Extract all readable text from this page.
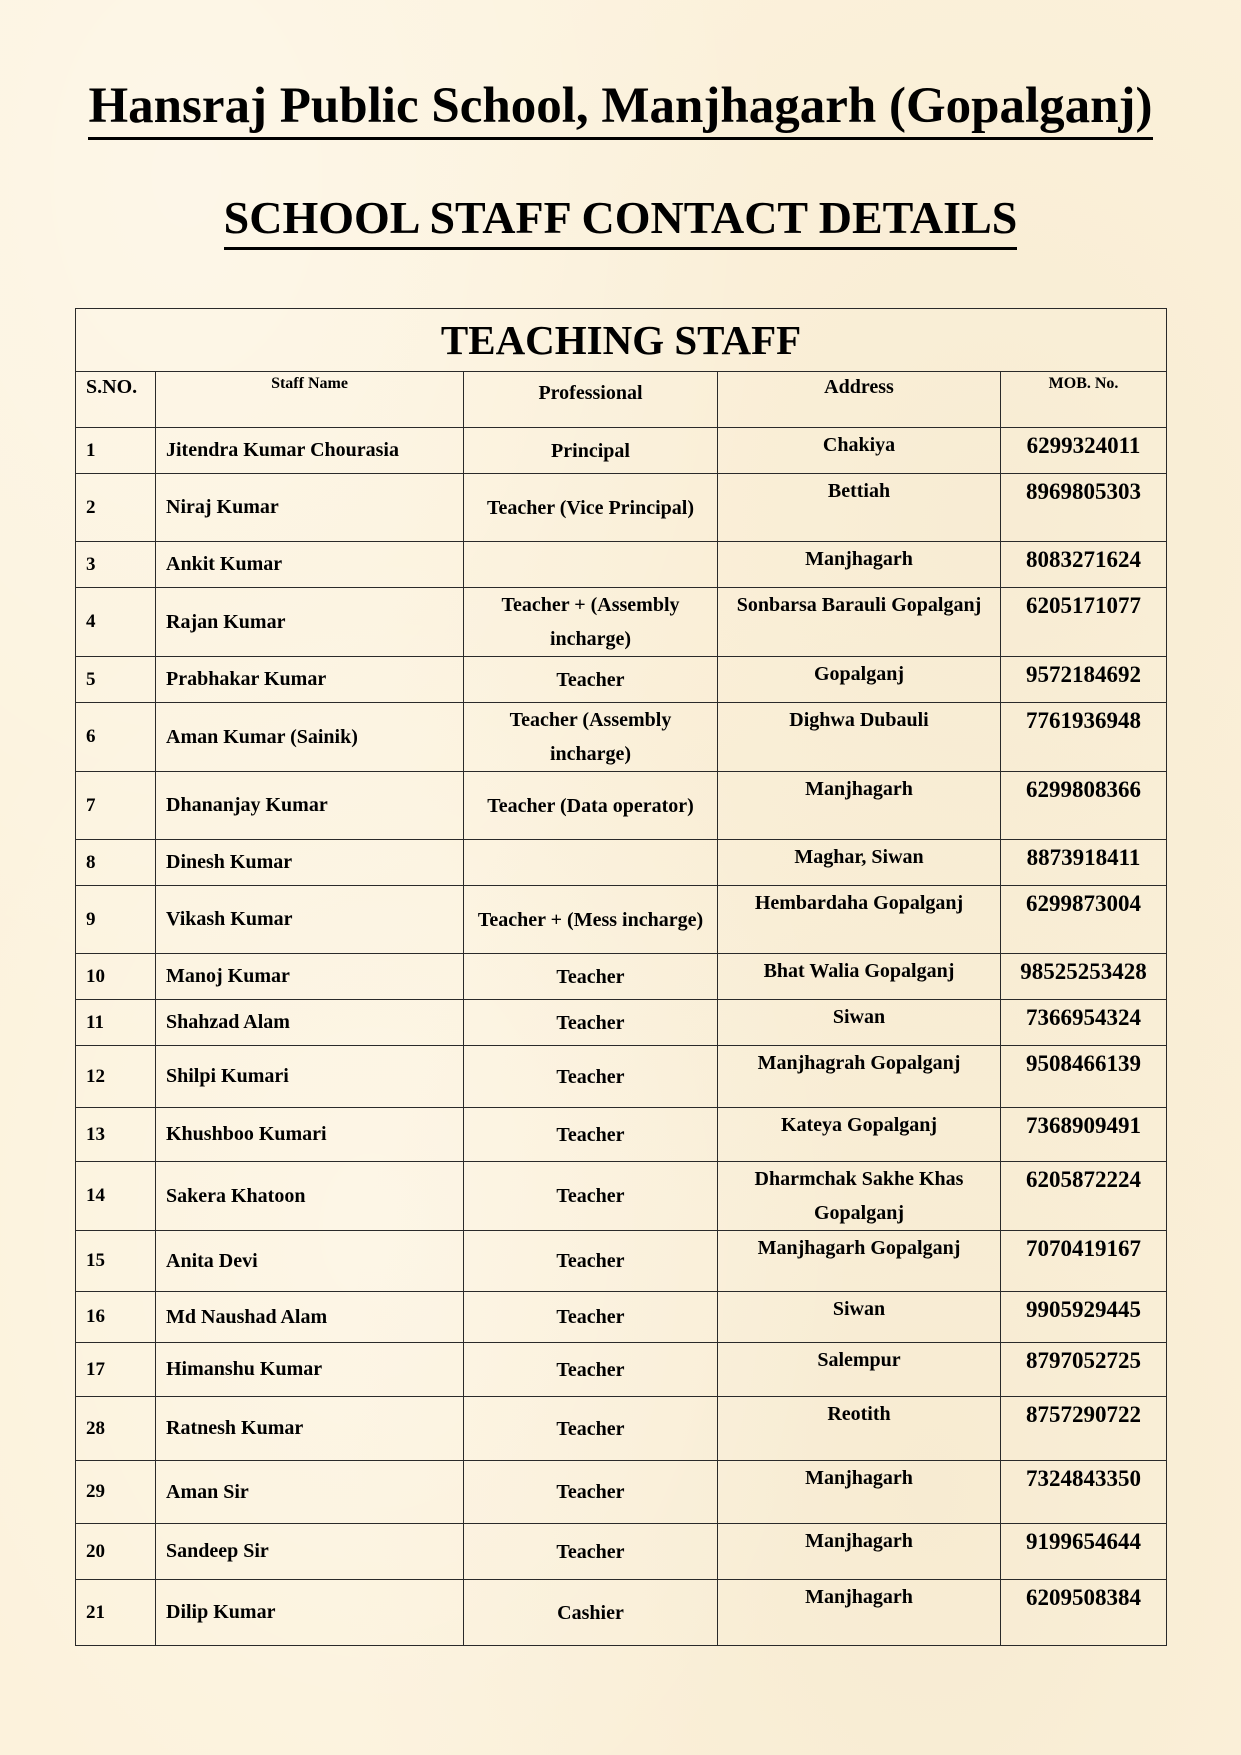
Hansraj Public School, Manjhagarh (Gopalganj)
SCHOOL STAFF CONTACT DETAILS
TEACHING STAFF				
S.NO.	Staff Name	Professional	Address	MOB. No.
1	Jitendra Kumar Chourasia	Principal	Chakiya	6299324011
2	Niraj Kumar	Teacher (Vice Principal)	Bettiah	8969805303
3	Ankit Kumar		Manjhagarh	8083271624
4	Rajan Kumar	Teacher + (Assembly incharge)	Sonbarsa Barauli Gopalganj	6205171077
5	Prabhakar Kumar	Teacher	Gopalganj	9572184692
6	Aman Kumar (Sainik)	Teacher (Assembly incharge)	Dighwa Dubauli	7761936948
7	Dhananjay Kumar	Teacher (Data operator)	Manjhagarh	6299808366
8	Dinesh Kumar		Maghar, Siwan	8873918411
9	Vikash Kumar	Teacher + (Mess incharge)	Hembardaha Gopalganj	6299873004
10	Manoj Kumar	Teacher	Bhat Walia Gopalganj	98525253428
11	Shahzad Alam	Teacher	Siwan	7366954324
12	Shilpi Kumari	Teacher	Manjhagrah Gopalganj	9508466139
13	Khushboo Kumari	Teacher	Kateya Gopalganj	7368909491
14	Sakera Khatoon	Teacher	Dharmchak Sakhe Khas Gopalganj	6205872224
15	Anita Devi	Teacher	Manjhagarh Gopalganj	7070419167
16	Md Naushad Alam	Teacher	Siwan	9905929445
17	Himanshu Kumar	Teacher	Salempur	8797052725
28	Ratnesh Kumar	Teacher	Reotith	8757290722
29	Aman Sir	Teacher	Manjhagarh	7324843350
20	Sandeep Sir	Teacher	Manjhagarh	9199654644
21	Dilip Kumar	Cashier	Manjhagarh	6209508384
